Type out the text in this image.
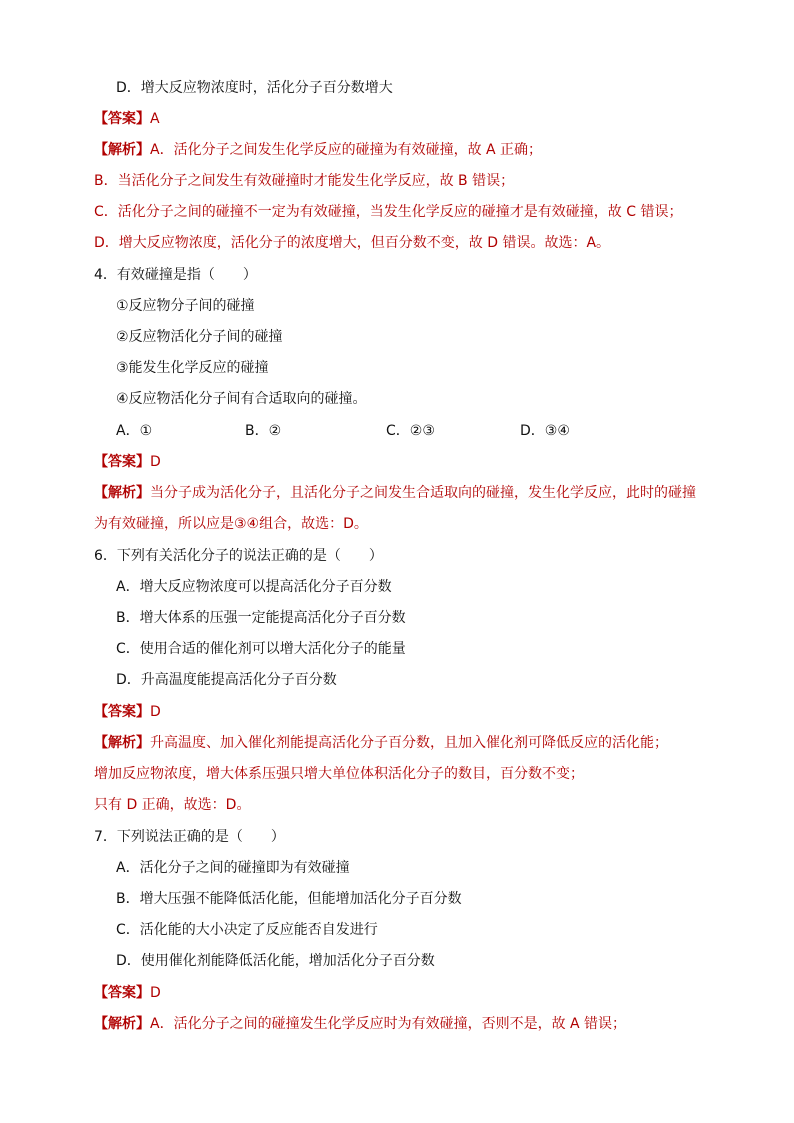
D．增大反应物浓度时，活化分子百分数增大
【答案】A
【解析】A．活化分子之间发生化学反应的碰撞为有效碰撞，故 A 正确；
B．当活化分子之间发生有效碰撞时才能发生化学反应，故 B 错误；
C．活化分子之间的碰撞不一定为有效碰撞，当发生化学反应的碰撞才是有效碰撞，故 C 错误；
D．增大反应物浓度，活化分子的浓度增大，但百分数不变，故 D 错误。故选：A。
4．有效碰撞是指（　　）
①反应物分子间的碰撞
②反应物活化分子间的碰撞
③能发生化学反应的碰撞
④反应物活化分子间有合适取向的碰撞。
A．①	B．②	C．②③	D．③④
【答案】D
【解析】当分子成为活化分子，且活化分子之间发生合适取向的碰撞，发生化学反应，此时的碰撞
为有效碰撞，所以应是③④组合，故选：D。
6．下列有关活化分子的说法正确的是（　　）
A．增大反应物浓度可以提高活化分子百分数
B．增大体系的压强一定能提高活化分子百分数
C．使用合适的催化剂可以增大活化分子的能量
D．升高温度能提高活化分子百分数
【答案】D
【解析】升高温度、加入催化剂能提高活化分子百分数，且加入催化剂可降低反应的活化能；
增加反应物浓度，增大体系压强只增大单位体积活化分子的数目，百分数不变；
只有 D 正确，故选：D。
7．下列说法正确的是（　　）
A．活化分子之间的碰撞即为有效碰撞
B．增大压强不能降低活化能，但能增加活化分子百分数
C．活化能的大小决定了反应能否自发进行
D．使用催化剂能降低活化能，增加活化分子百分数
【答案】D
【解析】A．活化分子之间的碰撞发生化学反应时为有效碰撞，否则不是，故 A 错误；
